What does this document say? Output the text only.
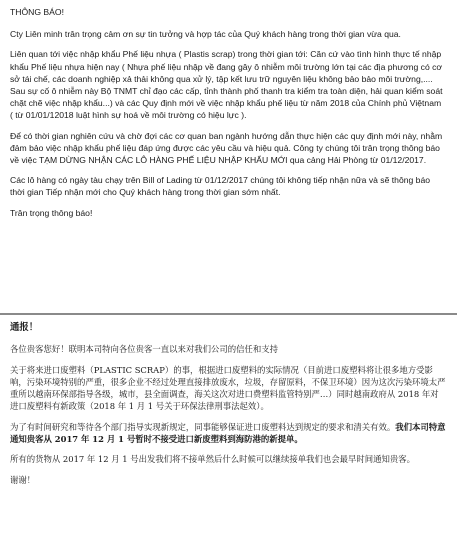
THÔNG BÁO!

Cty Liên minh trân trọng cảm ơn sự tin tưởng và hợp tác của Quý khách hàng trong thời gian vừa qua.

Liên quan tới việc nhập khẩu Phế liệu nhựa ( Plastis scrap) trong thời gian tới: Căn cứ vào tình hình thực tế nhập khẩu Phế liệu nhựa hiện nay ( Nhựa phế liệu nhập về đang gây ô nhiễm môi trường lớn tại các địa phương có cơ sở tái chế, các doanh nghiệp xả thải không qua xử lý, tập kết lưu trữ nguyên liệu không bảo bảo môi trường,.... Sau sự cố ô nhiễm này Bộ TNMT chỉ đạo các cấp, tỉnh thành phố thanh tra kiểm tra toàn diện, hải quan kiểm soát chặt chẽ việc nhập khẩu...) và các Quy định mới về việc nhập khẩu phế liệu từ năm 2018 của Chính phủ Việtnam ( từ 01/01/12018 luật hình sự hoá về môi trường có hiệu lực ).

Để có thời gian nghiên cứu và chờ đợi các cơ quan ban ngành hướng dẫn thực hiện các quy định mới này, nhằm đảm bảo việc nhập khẩu phế liệu đáp ứng được các yêu cầu và hiệu quả. Công ty chúng tôi trân trọng thông báo về việc TẠM DỪNG NHẬN CÁC LÔ HÀNG PHẾ LIỆU NHẬP KHẨU MỚI qua cảng Hải Phòng từ 01/12/2017.

Các lô hàng có ngày tàu chạy trên Bill of Lading từ 01/12/2017 chúng tôi không tiếp nhận nữa và sẽ thông báo thời gian Tiếp nhận mới cho Quý khách hàng trong thời gian sớm nhất.

Trân trọng thông báo!

通报！

各位贵客您好！联明本司特向各位贵客一直以来对我们公司的信任和支持

关于将来进口废塑料（PLASTIC SCRAP）的事，根据进口废塑料的实际情况（目前进口废塑料将让很多地方受影响，污染环境特别的严重，很多企业不经过处理直接排放废水，垃圾，存留原料，不保卫环境）因为这次污染环境太严重所以越南环保部指导各级，城市，县全面调查，海关这次对进口费塑料监管特别严…）同时越南政府从 2018 年对进口废塑料有新政策（2018 年 1 月 1 号关于环保法律刑事法起效）。

为了有时间研究和等待各个部门指导实现新规定，同事能够保证进口废塑料达到规定的要求和清关有效。我们本司特意通知贵客从 2017 年 12 月 1 号暂时不接受进口新废塑料到海防港的新提单。

所有的货物从 2017 年 12 月 1 号出发我们将不接单然后什么时候可以继续接单我们也会最早时间通知贵客。

谢谢！
